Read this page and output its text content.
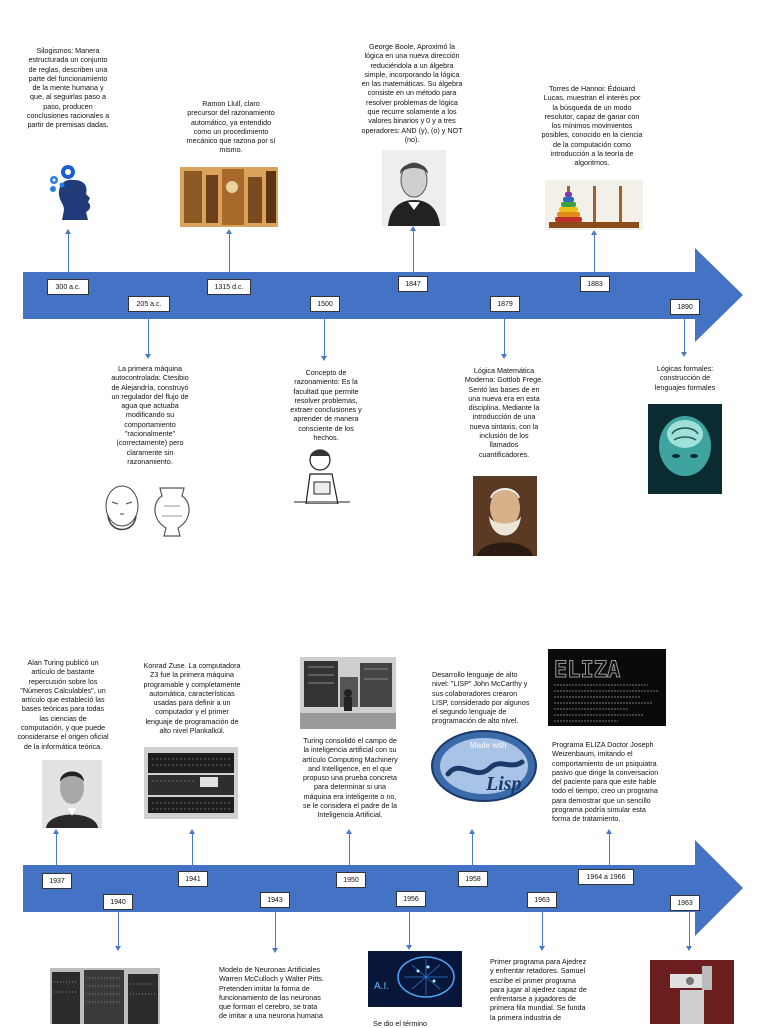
300 a.c.
205 a.c.
1315 d.c.
1500
1847
1879
1883
1890
Silogismos: Manera
estructurada un conjunto
de reglas, describen una
parte del funcionamiento
de la mente humana y
que, al seguirlas paso a
paso, producen
conclusiones racionales a
partir de premisas dadas.
Ramon Llull, claro
precursor del razonamiento
automático, ya entendido
como un procedimiento
mecánico que razona por sí
mismo.
George Boole, Aproximó la
lógica en una nueva dirección
reduciéndola a un álgebra
simple, incorporando la lógica
en las matemáticas. Su álgebra
consiste en un método para
resolver problemas de lógica
que recurre solamente a los
valores binarios y 0 y a tres
operadores: AND (y), (o) y NOT
(no).
Torres de Hannoi: Édouard
Lucas, muestran el interés por
la búsqueda de un modo
resolutor, capaz de ganar con
los mínimos movimientos
posibles, conocido en la ciencia
de la computación como
introducción a la teoría de
algoritmos.
La primera máquina
autocontrolada: Ctesibio
de Alejandría, construyó
un regulador del flujo de
agua que actuaba
modificando su
comportamiento
"racionalmente"
(correctamente) pero
claramente sin
razonamiento.
Concepto de
razonamiento: Es la
facultad que permite
resolver problemas,
extraer conclusiones y
aprender de manera
consciente de los
hechos.
Lógica Matemática
Moderna: Gottlob Frege.
Sentó las bases de en
una nueva era en esta
disciplina. Mediante la
introducción de una
nueva sintaxis, con la
inclusión de los
llamados
cuantificadores.
Lógicas formales:
construcción de
lenguajes formales
1937
1940
1941
1943
1950
1956
1958
1963
1964 a 1966
1963
Alan Turing publicó un
artículo de bastante
repercusión sobre los
"Números Calculables", un
artículo que estableció las
bases teóricas para todas
las ciencias de
computación, y que puede
considerarse el origen oficial
de la informática teórica.
Konrad Zuse. La computadora
Z3 fue la primera máquina
programable y completamente
automática, características
usadas para definir a un
computador y el primer
lenguaje de programación de
alto nivel Plankalkül.
Turing consolidó el campo de
la inteligencia artificial con su
artículo Computing Machinery
and Intelligence, en el que
propuso una prueba concreta
para determinar si una
máquina era inteligente o no,
se le considera el padre de la
Inteligencia Artificial.
Desarrollo lenguaje de alto
nivel: "LISP" John McCarthy y
sus colaboradores crearon
LISP, considerado por algunos
el segundo lenguaje de
programación de alto nivel.
Programa ELIZA Doctor Joseph
Weizenbaum, imitando el
comportamiento de un psiquiatra
pasivo que dirige la conversacion
del paciente para que este hable
todo el tiempo, creo un programa
para demostrar que un sencillo
programa podría simular esta
forma de tratamiento.
Modelo de Neuronas Artificiales
Warren McCulloch y Walter Pitts.
Pretenden imitar la forma de
funcionamiento de las neuronas
que forman el cerebro, se trata
de imitar a una neurona humana
Se dio el término
Primer programa para Ajedrez
y enfrentar retadores. Samuel
escribe el primer programa
para jugar al ajedrez capaz de
enfrentarse a jugadores de
primera fila mundial. Se funda
la primera industria de
Made with
Lisp
ELIZA
A.I.
